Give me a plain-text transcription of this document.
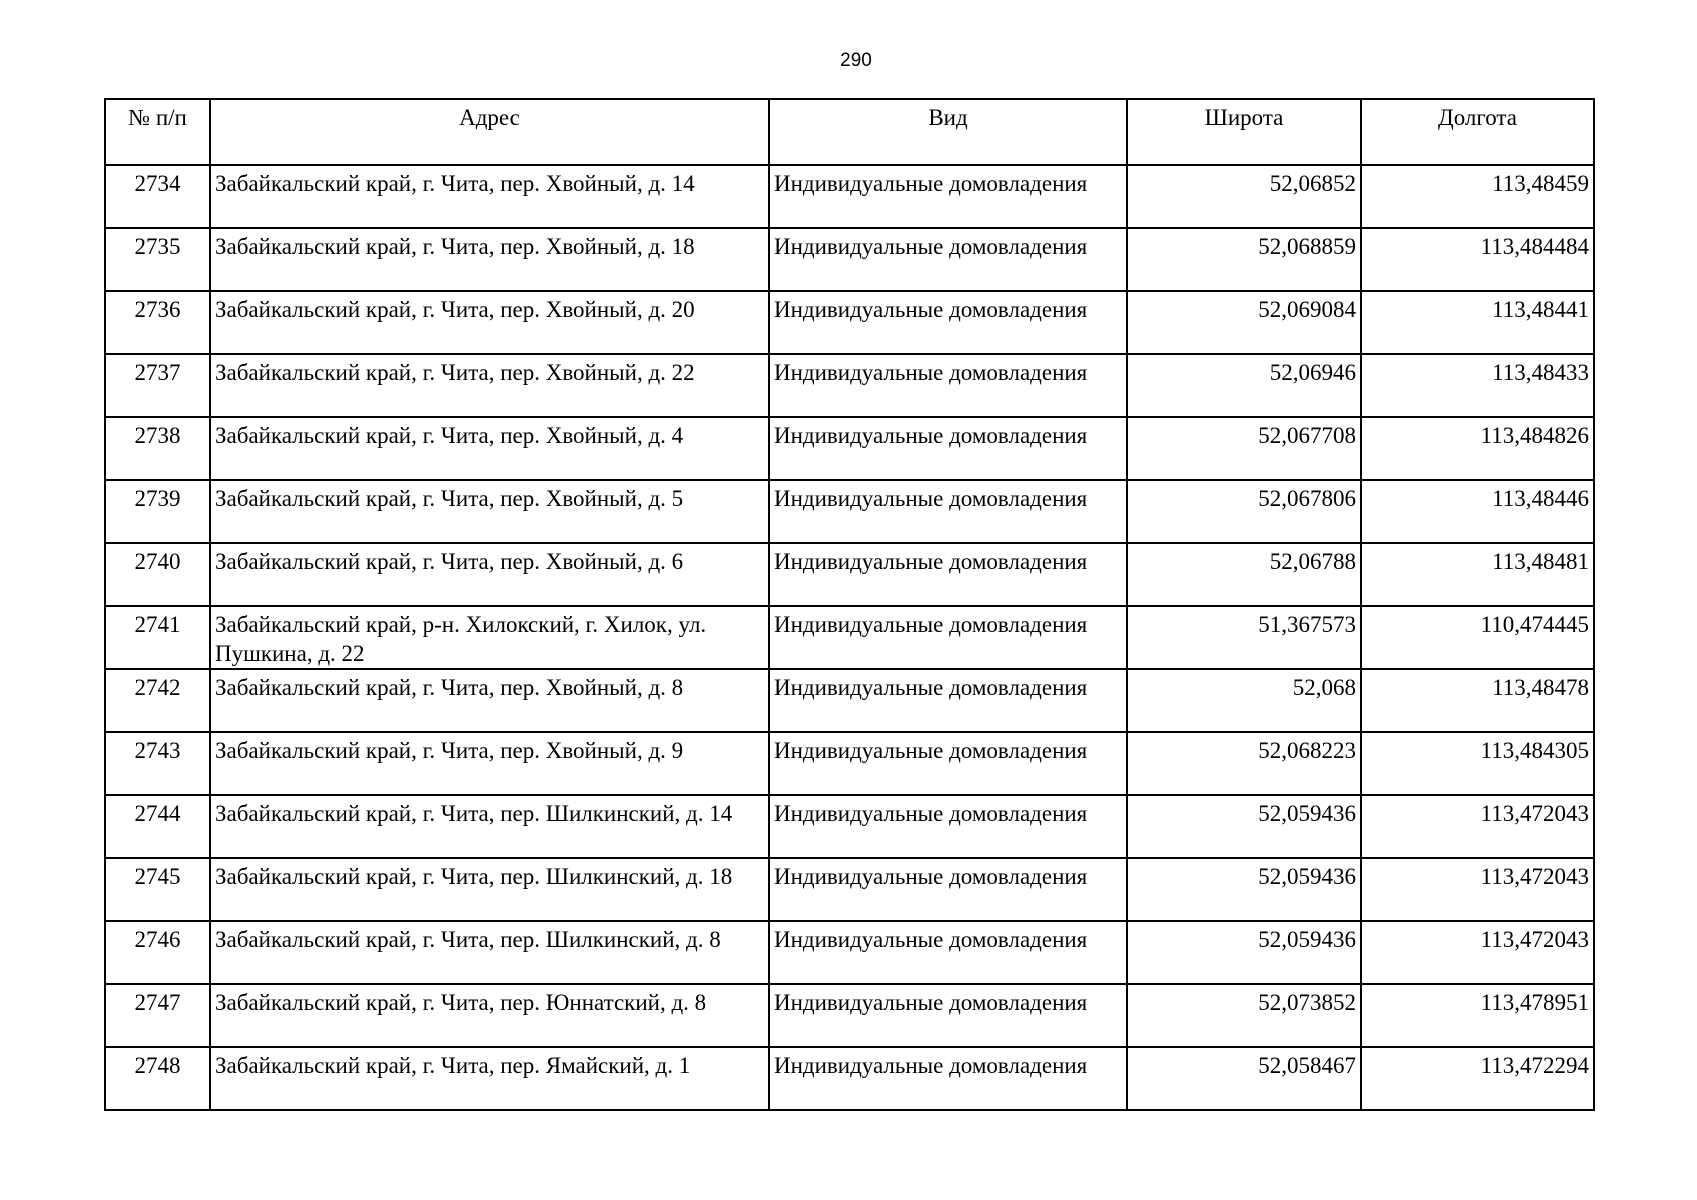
290
№ п/п	Адрес	Вид	Широта	Долгота
2734	Забайкальский край, г. Чита, пер. Хвойный, д. 14	Индивидуальные домовладения	52,06852	113,48459
2735	Забайкальский край, г. Чита, пер. Хвойный, д. 18	Индивидуальные домовладения	52,068859	113,484484
2736	Забайкальский край, г. Чита, пер. Хвойный, д. 20	Индивидуальные домовладения	52,069084	113,48441
2737	Забайкальский край, г. Чита, пер. Хвойный, д. 22	Индивидуальные домовладения	52,06946	113,48433
2738	Забайкальский край, г. Чита, пер. Хвойный, д. 4	Индивидуальные домовладения	52,067708	113,484826
2739	Забайкальский край, г. Чита, пер. Хвойный, д. 5	Индивидуальные домовладения	52,067806	113,48446
2740	Забайкальский край, г. Чита, пер. Хвойный, д. 6	Индивидуальные домовладения	52,06788	113,48481
2741	Забайкальский край, р-н. Хилокский, г. Хилок, ул. Пушкина, д. 22	Индивидуальные домовладения	51,367573	110,474445
2742	Забайкальский край, г. Чита, пер. Хвойный, д. 8	Индивидуальные домовладения	52,068	113,48478
2743	Забайкальский край, г. Чита, пер. Хвойный, д. 9	Индивидуальные домовладения	52,068223	113,484305
2744	Забайкальский край, г. Чита, пер. Шилкинский, д. 14	Индивидуальные домовладения	52,059436	113,472043
2745	Забайкальский край, г. Чита, пер. Шилкинский, д. 18	Индивидуальные домовладения	52,059436	113,472043
2746	Забайкальский край, г. Чита, пер. Шилкинский, д. 8	Индивидуальные домовладения	52,059436	113,472043
2747	Забайкальский край, г. Чита, пер. Юннатский, д. 8	Индивидуальные домовладения	52,073852	113,478951
2748	Забайкальский край, г. Чита, пер. Ямайский, д. 1	Индивидуальные домовладения	52,058467	113,472294
